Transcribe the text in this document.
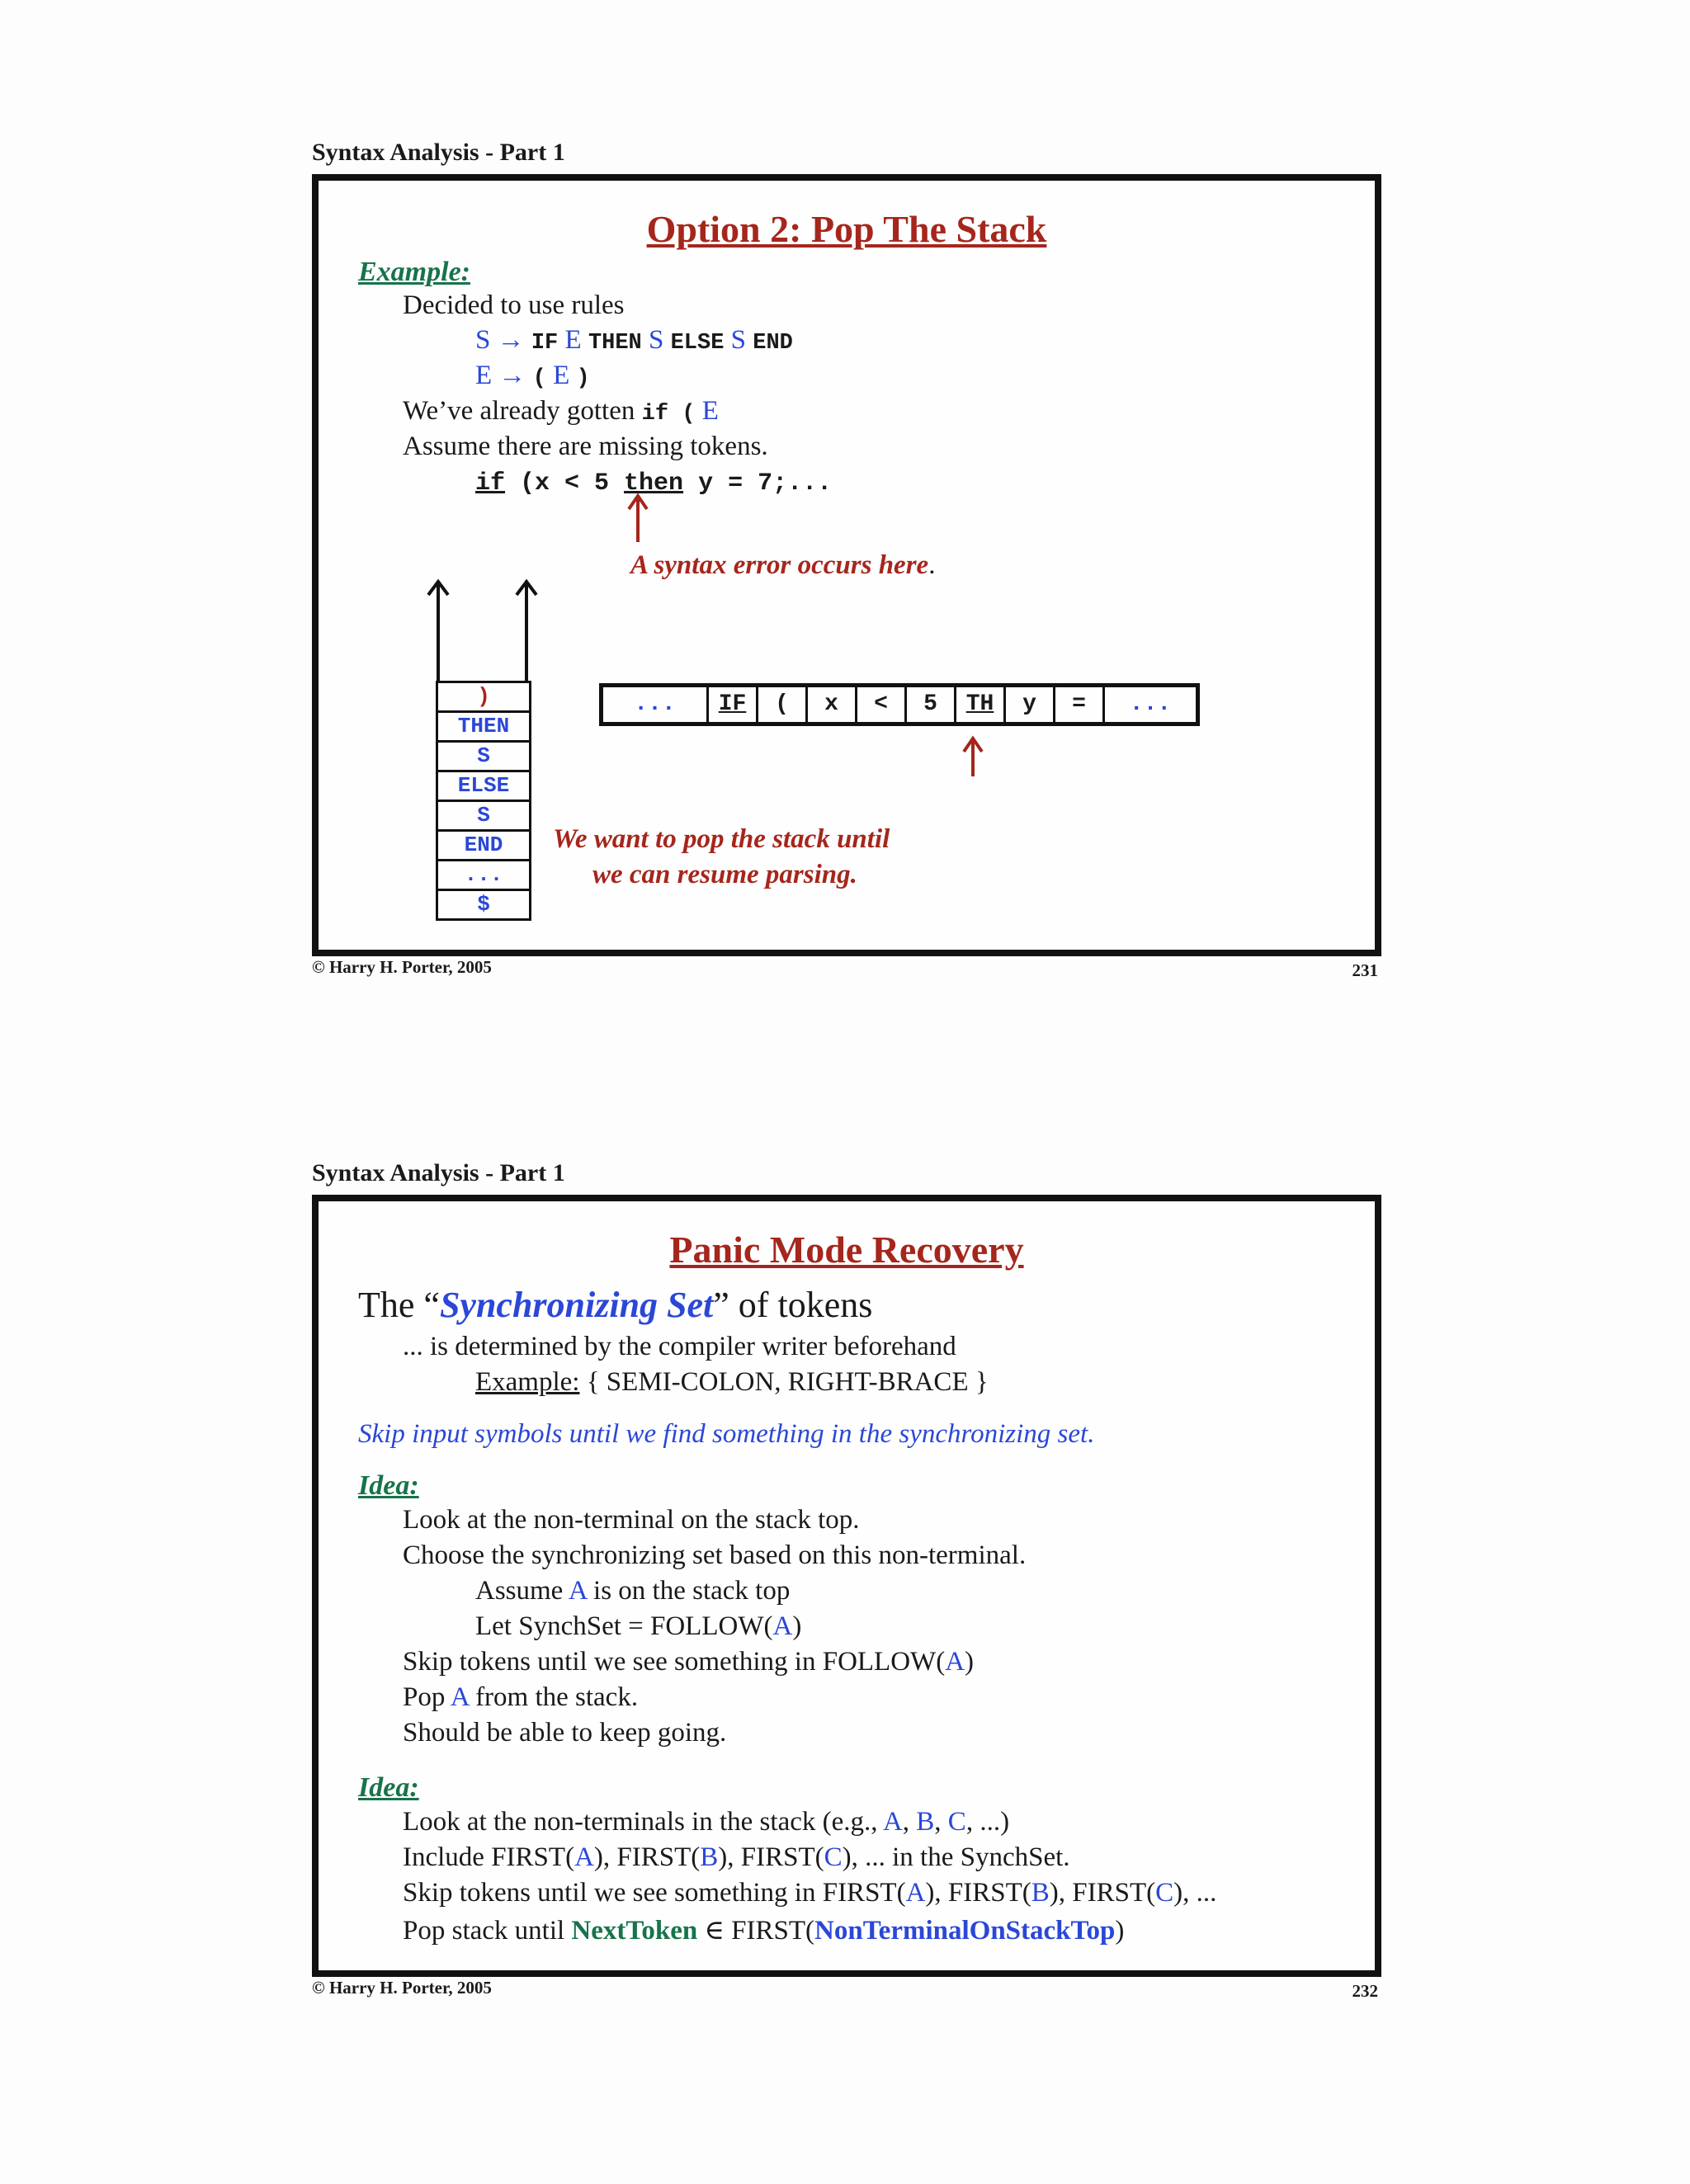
Syntax Analysis - Part 1
Option 2: Pop The Stack
Example:
Decided to use rules
S → IF E THEN S ELSE S END
E → ( E )
We’ve already gotten if ( E
Assume there are missing tokens.
if (x < 5 then y = 7;...
A syntax error occurs here.
)
THEN
S
ELSE
S
END
...
$
...	IF	(	x	<	5	TH	y	=	...
We want to pop the stack until
we can resume parsing.
© Harry H. Porter, 2005	231
Syntax Analysis - Part 1
Panic Mode Recovery
The “Synchronizing Set” of tokens
... is determined by the compiler writer beforehand
Example: { SEMI-COLON, RIGHT-BRACE }
Skip input symbols until we find something in the synchronizing set.
Idea:
Look at the non-terminal on the stack top.
Choose the synchronizing set based on this non-terminal.
Assume A is on the stack top
Let SynchSet = FOLLOW(A)
Skip tokens until we see something in FOLLOW(A)
Pop A from the stack.
Should be able to keep going.
Idea:
Look at the non-terminals in the stack (e.g., A, B, C, ...)
Include FIRST(A), FIRST(B), FIRST(C), ... in the SynchSet.
Skip tokens until we see something in FIRST(A), FIRST(B), FIRST(C), ...
Pop stack until NextToken ∈ FIRST(NonTerminalOnStackTop)
© Harry H. Porter, 2005	232
